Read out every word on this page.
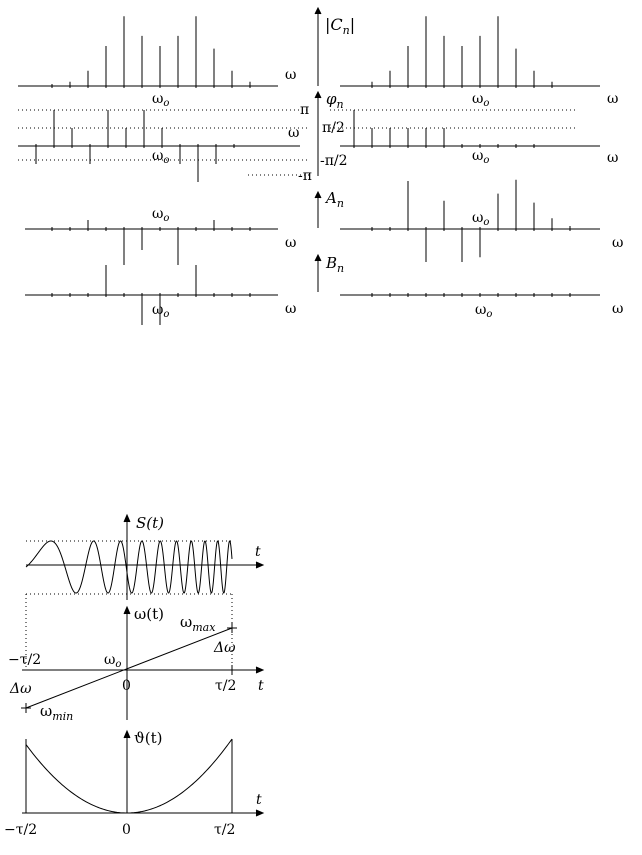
$|C_n|$
$\varphi_n$
$A_n$
$B_n$
ω
ω
ω
ω
ω	ω
ω	ω
$\omega_o$	$\omega_o$
$\omega_o$	$\omega_o$
$\omega_o$	$\omega_o$
$\omega_o$	$\omega_o$
π
π/2
-π/2
-π
S(t)
t
ω(t) $\omega_{max}$
Δω
$\omega_o$
−τ/2
Δω	0	τ/2 t
$\omega_{min}$
ϑ(t)
t
−τ/2	0	τ/2
